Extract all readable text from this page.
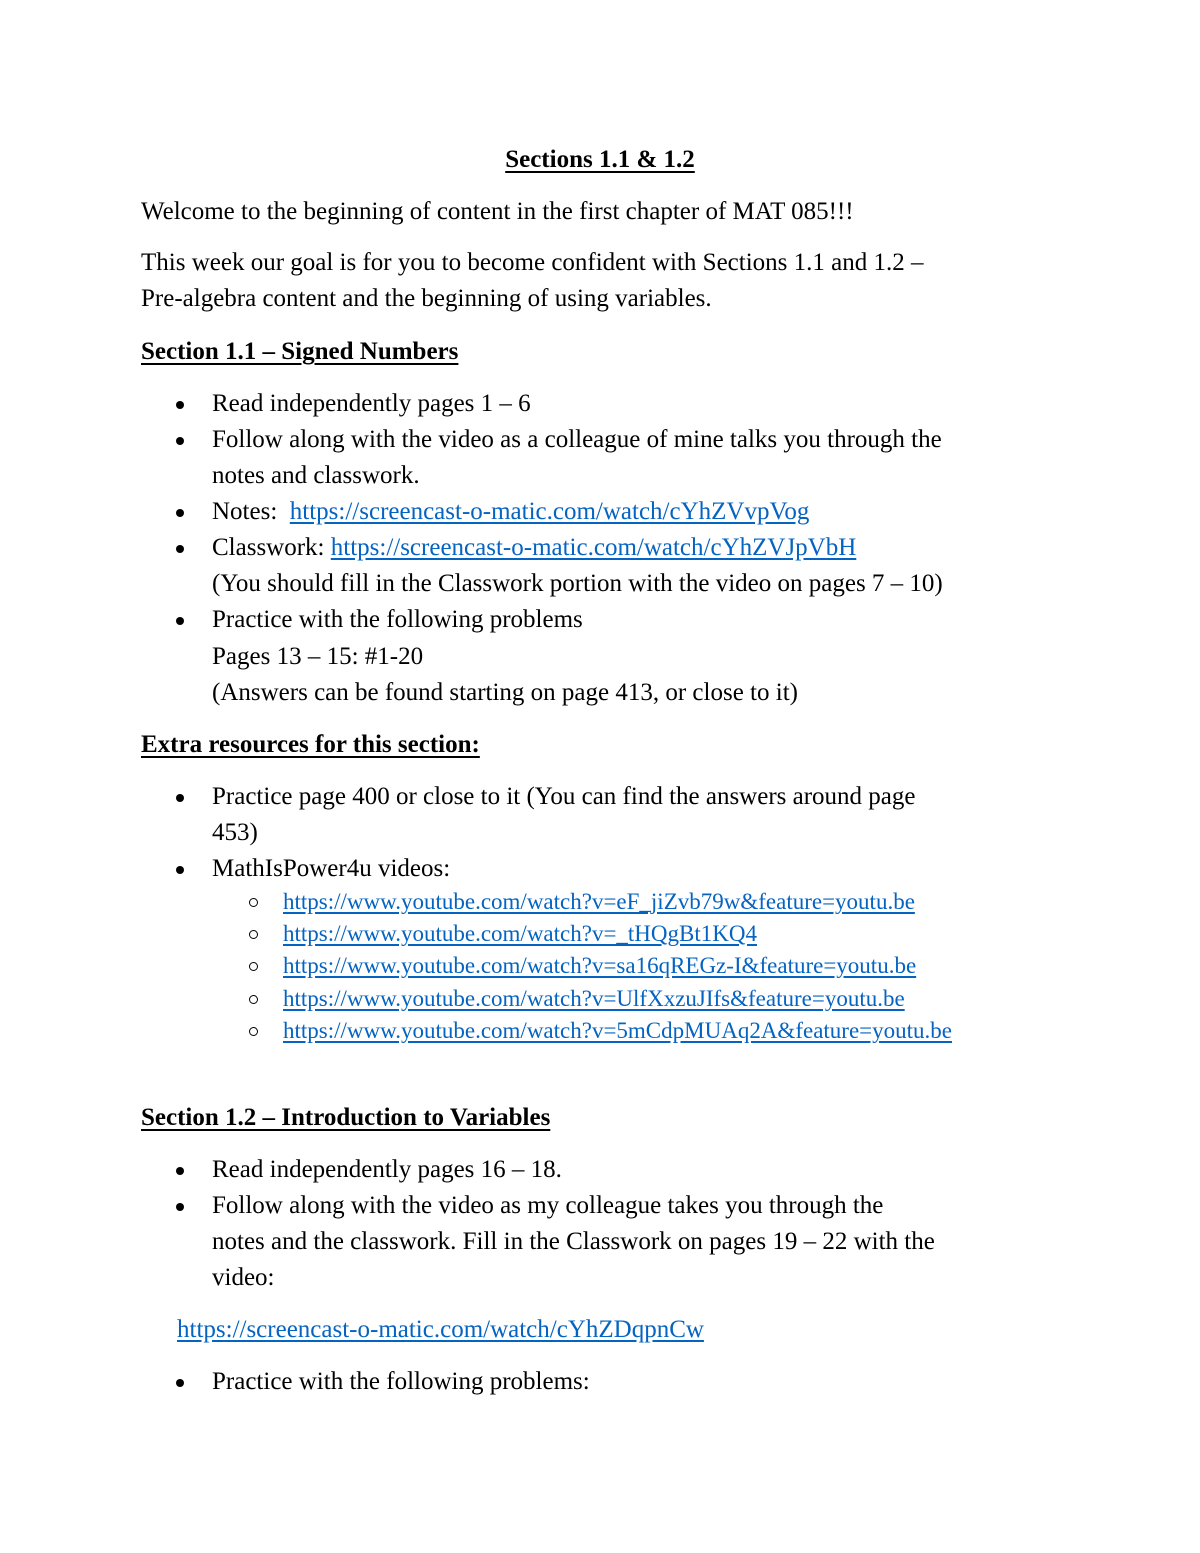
Sections 1.1 & 1.2
Welcome to the beginning of content in the first chapter of MAT 085!!!
This week our goal is for you to become confident with Sections 1.1 and 1.2 –
Pre-algebra content and the beginning of using variables.
Section 1.1 – Signed Numbers
Read independently pages 1 – 6
Follow along with the video as a colleague of mine talks you through the
notes and classwork.
Notes: https://screencast-o-matic.com/watch/cYhZVvpVog
Classwork: https://screencast-o-matic.com/watch/cYhZVJpVbH
(You should fill in the Classwork portion with the video on pages 7 – 10)
Practice with the following problems
Pages 13 – 15: #1-20
(Answers can be found starting on page 413, or close to it)
Extra resources for this section:
Practice page 400 or close to it (You can find the answers around page
453)
MathIsPower4u videos:
https://www.youtube.com/watch?v=eF_jiZvb79w&feature=youtu.be
https://www.youtube.com/watch?v=_tHQgBt1KQ4
https://www.youtube.com/watch?v=sa16qREGz-I&feature=youtu.be
https://www.youtube.com/watch?v=UlfXxzuJIfs&feature=youtu.be
https://www.youtube.com/watch?v=5mCdpMUAq2A&feature=youtu.be
Section 1.2 – Introduction to Variables
Read independently pages 16 – 18.
Follow along with the video as my colleague takes you through the
notes and the classwork. Fill in the Classwork on pages 19 – 22 with the
video:
https://screencast-o-matic.com/watch/cYhZDqpnCw
Practice with the following problems:
